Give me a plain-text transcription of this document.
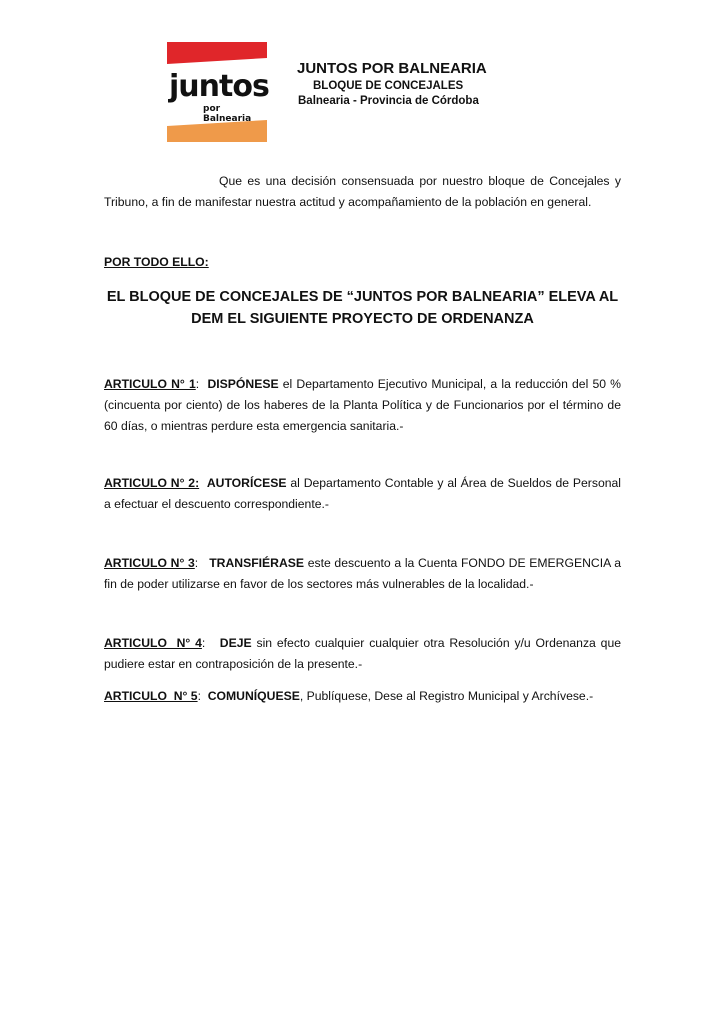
juntos
por Balnearia
JUNTOS POR BALNEARIA
BLOQUE DE CONCEJALES
Balnearia - Provincia de Córdoba
Que es una decisión consensuada por nuestro bloque de Concejales y Tribuno, a fin de manifestar nuestra actitud y acompañamiento de la población en general.
POR TODO ELLO:
EL BLOQUE DE CONCEJALES DE “JUNTOS POR BALNEARIA” ELEVA AL DEM EL SIGUIENTE PROYECTO DE ORDENANZA
ARTICULO N° 1:  DISPÓNESE el Departamento Ejecutivo Municipal, a la reducción del 50 % (cincuenta por ciento) de los haberes de la Planta Política y de Funcionarios por el término de 60 días, o mientras perdure esta emergencia sanitaria.-
ARTICULO N° 2: AUTORÍCESE al Departamento Contable y al Área de Sueldos de Personal a efectuar el descuento correspondiente.-
ARTICULO N° 3:   TRANSFIÉRASE este descuento a la Cuenta FONDO DE EMERGENCIA a fin de poder utilizarse en favor de los sectores más vulnerables de la localidad.-
ARTICULO  N° 4:   DEJE sin efecto cualquier cualquier otra Resolución y/u Ordenanza que pudiere estar en contraposición de la presente.-
ARTICULO  N° 5:  COMUNÍQUESE, Publíquese, Dese al Registro Municipal y Archívese.-
